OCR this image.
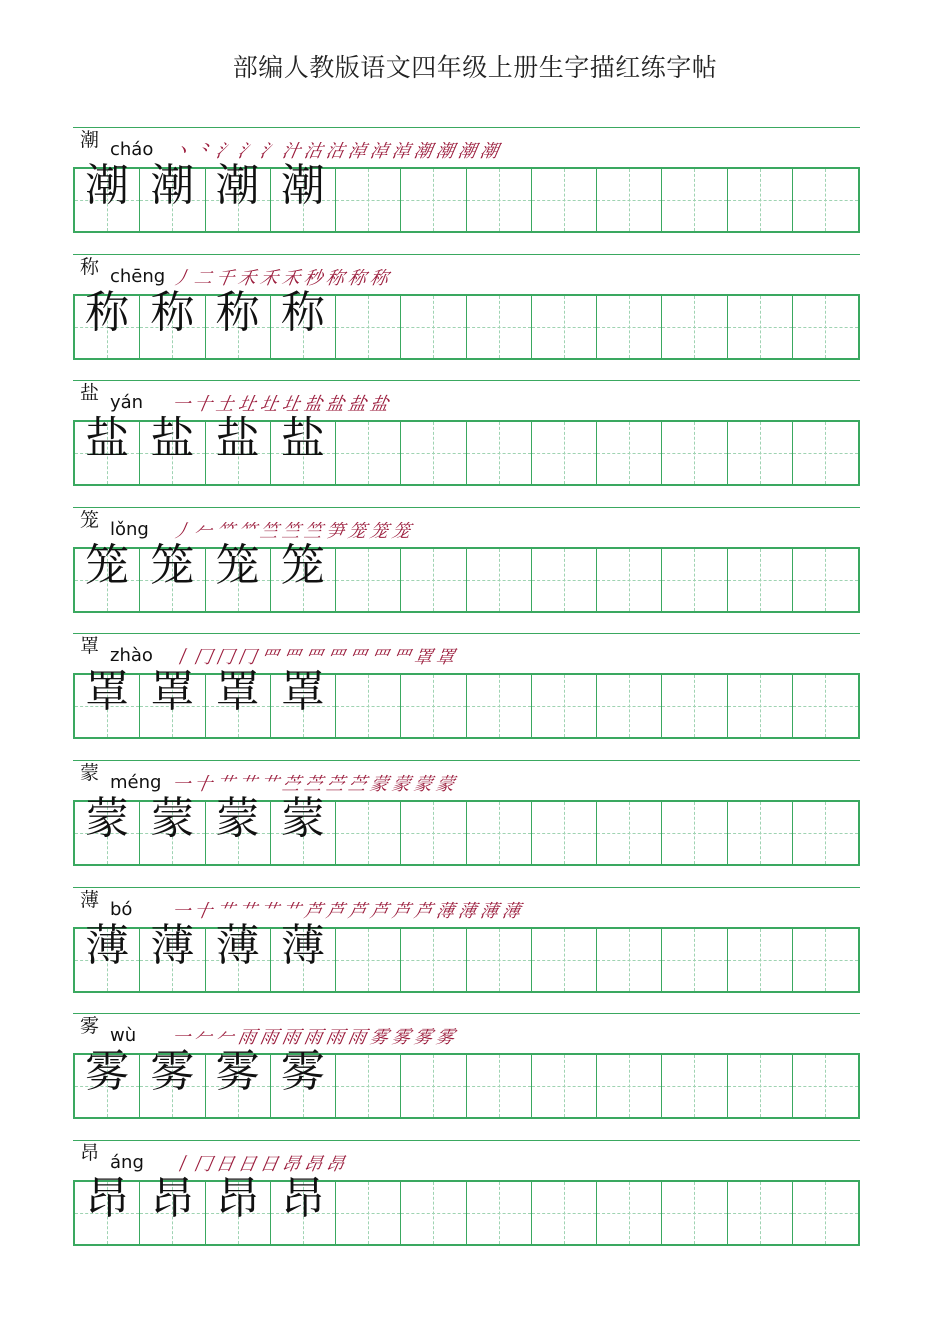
部编人教版语文四年级上册生字描红练字帖
潮 cháo 丶 ⺀ 氵 氵 氵 汁 沽 沽 淖 淖 淖 潮 潮 潮 潮
潮 潮 潮 潮
称 chēng 丿 二 千 禾 禾 禾 秒 称 称 称
称 称 称 称
盐 yán 一 十 土 圵 圵 圵 盐 盐 盐 盐
盐 盐 盐 盐
笼 lǒng 丿 𠂉 𥫗 𥫗 竺 竺 竺 笋 笼 笼 笼
笼 笼 笼 笼
罩 zhào 丨 冂 冂 冂 罒 罒 罒 罒 罒 罒 罒 罩 罩
罩 罩 罩 罩
蒙 méng 一 十 艹 艹 艹 苎 苎 苎 苎 蒙 蒙 蒙 蒙
蒙 蒙 蒙 蒙
薄 bó 一 十 艹 艹 艹 艹 芦 芦 芦 芦 芦 芦 薄 薄 薄 薄
薄 薄 薄 薄
雾 wù 一 𠂉 𠂉 雨 雨 雨 雨 雨 雨 雾 雾 雾 雾
雾 雾 雾 雾
昂 áng 丨 冂 日 日 日 昂 昂 昂
昂 昂 昂 昂
